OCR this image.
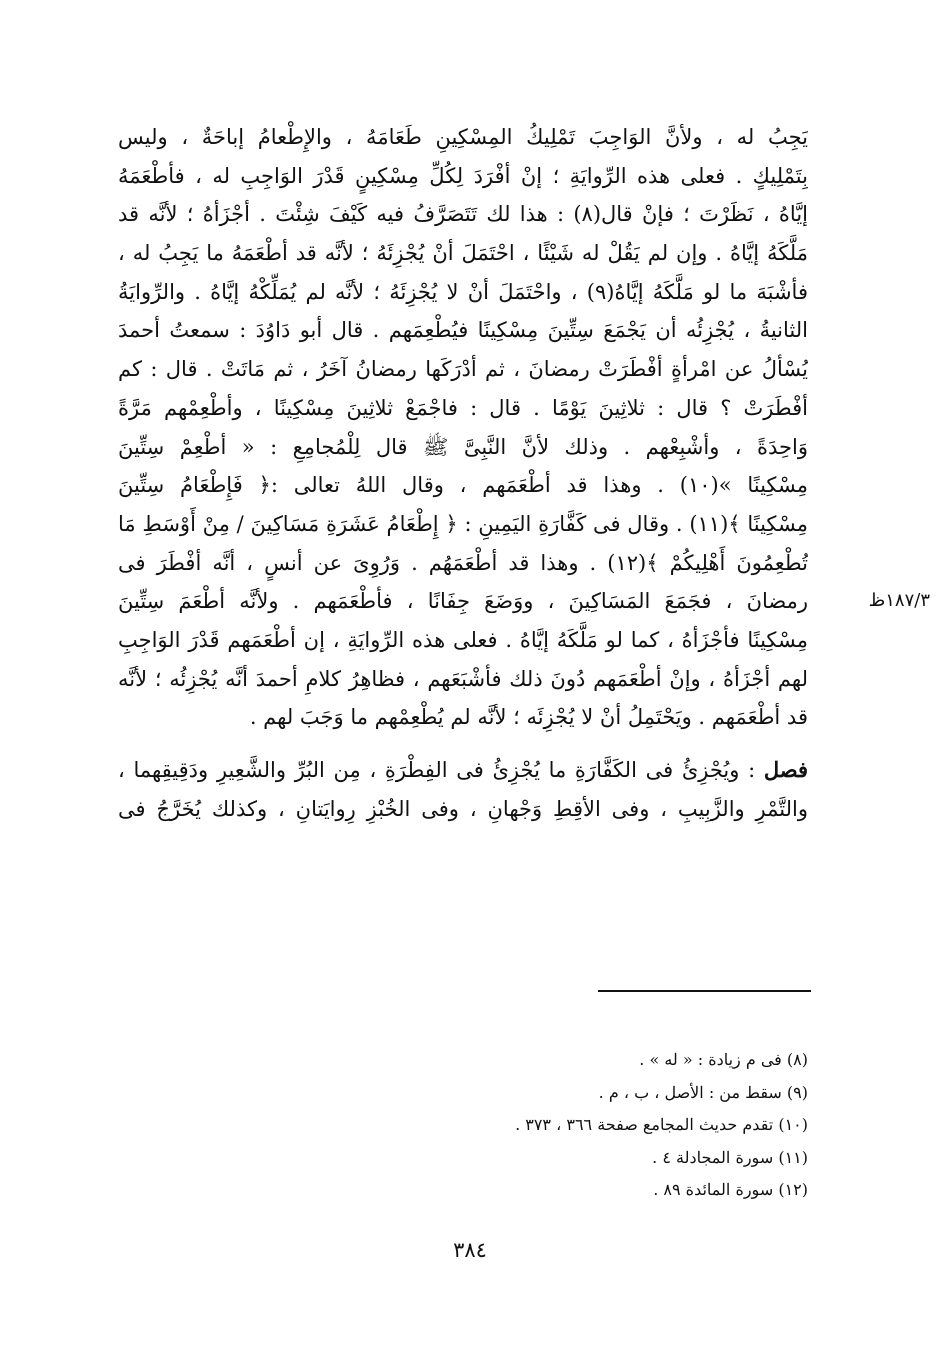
يَجِبُ له ، ولأنَّ الوَاجِبَ تَمْلِيكُ المِسْكِينِ طَعَامَهُ ، والإِطْعامُ إباحَةٌ ، وليس
بِتَمْلِيكٍ . فعلى هذه الرِّوايَةِ ؛ إنْ أفْرَدَ لِكُلِّ مِسْكِينٍ قَدْرَ الوَاجِبِ له ، فأطْعَمَهُ
إيَّاهُ ، نَظَرْتَ ؛ فإنْ قال(٨) : هذا لك تَتَصَرَّفُ فيه كَيْفَ شِئْتَ . أجْزَأهُ ؛ لأنَّه قد
مَلَّكَهُ إيَّاهُ . وإن لم يَقُلْ له شَيْئًا ، احْتَمَلَ أنْ يُجْزِئَهُ ؛ لأنَّه قد أطْعَمَهُ ما يَجِبُ له ،
فأشْبَهَ ما لو مَلَّكَهُ إيَّاهُ(٩) ، واحْتَمَلَ أنْ لا يُجْزِئَهُ ؛ لأنَّه لم يُمَلِّكْهُ إيَّاهُ . والرِّوايَةُ
الثانيةُ ، يُجْزِئُه أن يَجْمَعَ سِتِّينَ مِسْكِينًا فيُطْعِمَهم . قال أبو دَاوُدَ : سمعتُ أحمدَ
يُسْألُ عن امْرأةٍ أفْطَرَتْ رمضانَ ، ثم أدْرَكَها رمضانُ آخَرُ ، ثم مَاتَتْ . قال : كم
أفْطَرَتْ ؟ قال : ثلاثِينَ يَوْمًا . قال : فاجْمَعْ ثلاثِينَ مِسْكِينًا ، وأطْعِمْهم مَرَّةً
وَاحِدَةً ، وأشْبِعْهم . وذلك لأنَّ النَّبِىَّ ﷺ قال لِلْمُجامِعِ : « أطْعِمْ سِتِّينَ
مِسْكِينًا »(١٠) . وهذا قد أطْعَمَهم ، وقال اللهُ تعالى :﴿ فَإِطْعَامُ سِتِّينَ
مِسْكِينًا ﴾(١١) . وقال فى كَفَّارَةِ اليَمِينِ : ﴿ إِطْعَامُ عَشَرَةِ مَسَاكِينَ / مِنْ أَوْسَطِ مَا
تُطْعِمُونَ أَهْلِيكُمْ ﴾(١٢) . وهذا قد أطْعَمَهُم . وَرُوِىَ عن أنسٍ ، أنَّه أفْطَرَ فى
رمضانَ ، فجَمَعَ المَسَاكِينَ ، ووَضَعَ جِفَانًا ، فأطْعَمَهم . ولأنَّه أطْعَمَ سِتِّينَ
مِسْكِينًا فأجْزَأهُ ، كما لو مَلَّكَهُ إيَّاهُ . فعلى هذه الرِّوايَةِ ، إن أطْعَمَهم قَدْرَ الوَاجِبِ
لهم أجْزَأهُ ، وإنْ أطْعَمَهم دُونَ ذلك فأشْبَعَهم ، فظاهِرُ كلامِ أحمدَ أنَّه يُجْزِئُه ؛ لأنَّه
قد أطْعَمَهم . ويَحْتَمِلُ أنْ لا يُجْزِئَه ؛ لأنَّه لم يُطْعِمْهم ما وَجَبَ لهم .
فصل : ويُجْزِئُ فى الكَفَّارَةِ ما يُجْزِئُ فى الفِطْرَةِ ، مِن البُرِّ والشَّعِيرِ ودَقِيقِهما ،
والتَّمْرِ والزَّبِيبِ ، وفى الأقِطِ وَجْهانِ ، وفى الخُبْزِ رِوايَتانِ ، وكذلك يُخَرَّجُ فى
١٨٧/٣ظ
(٨) فى م زيادة : « له » .
(٩) سقط من : الأصل ، ب ، م .
(١٠) تقدم حديث المجامع صفحة ٣٦٦ ، ٣٧٣ .
(١١) سورة المجادلة ٤ .
(١٢) سورة المائدة ٨٩ .
٣٨٤
